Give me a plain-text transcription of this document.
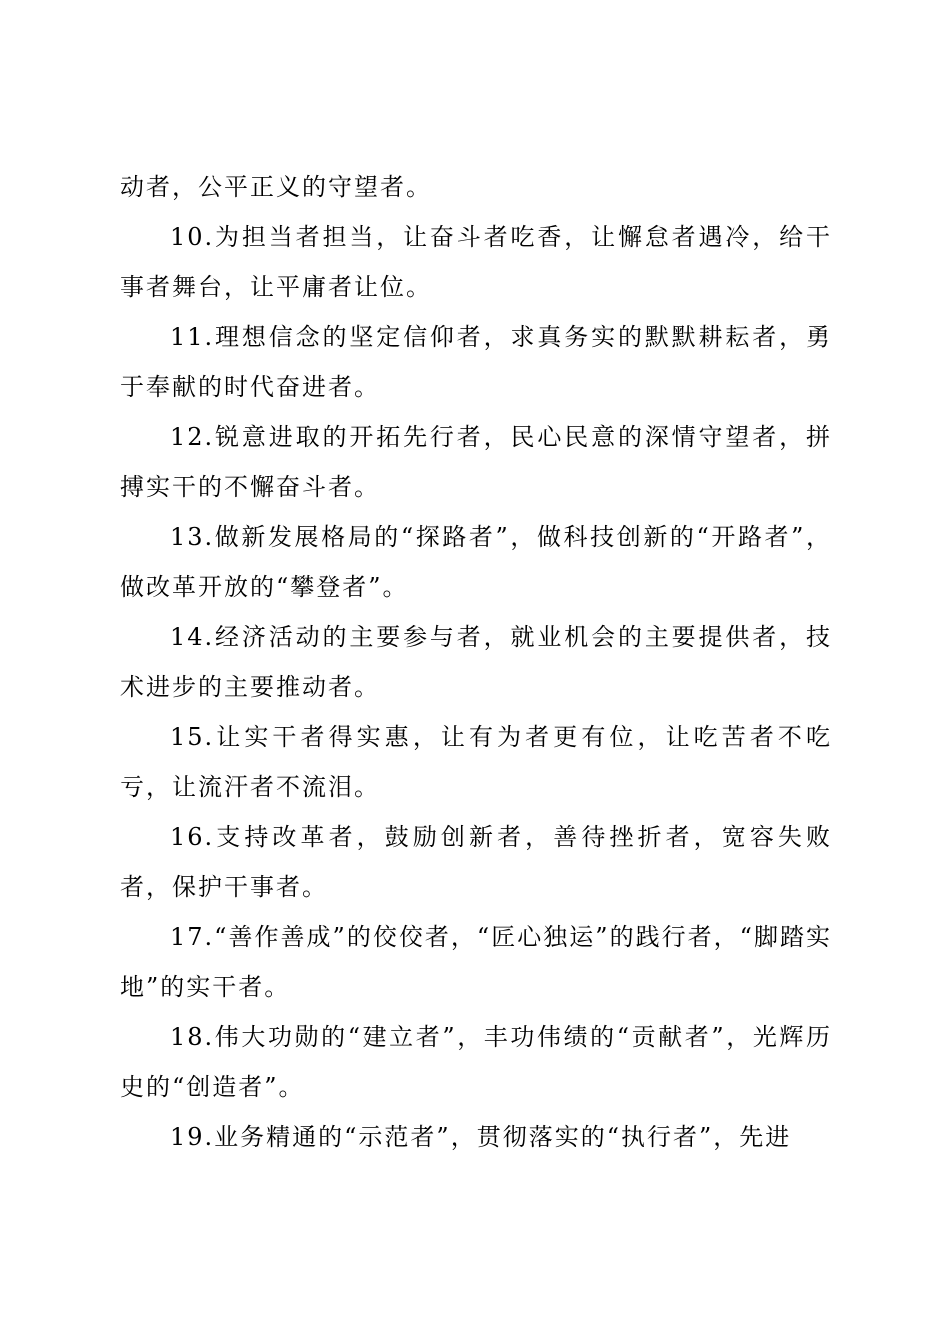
动者，公平正义的守望者。

10.为担当者担当，让奋斗者吃香，让懈怠者遇冷，给干事者舞台，让平庸者让位。

11.理想信念的坚定信仰者，求真务实的默默耕耘者，勇于奉献的时代奋进者。

12.锐意进取的开拓先行者，民心民意的深情守望者，拼搏实干的不懈奋斗者。

13.做新发展格局的“探路者”，做科技创新的“开路者”，做改革开放的“攀登者”。

14.经济活动的主要参与者，就业机会的主要提供者，技术进步的主要推动者。

15.让实干者得实惠，让有为者更有位，让吃苦者不吃亏，让流汗者不流泪。

16.支持改革者，鼓励创新者，善待挫折者，宽容失败者，保护干事者。

17.“善作善成”的佼佼者，“匠心独运”的践行者，“脚踏实地”的实干者。

18.伟大功勋的“建立者”，丰功伟绩的“贡献者”，光辉历史的“创造者”。

19.业务精通的“示范者”，贯彻落实的“执行者”，先进
